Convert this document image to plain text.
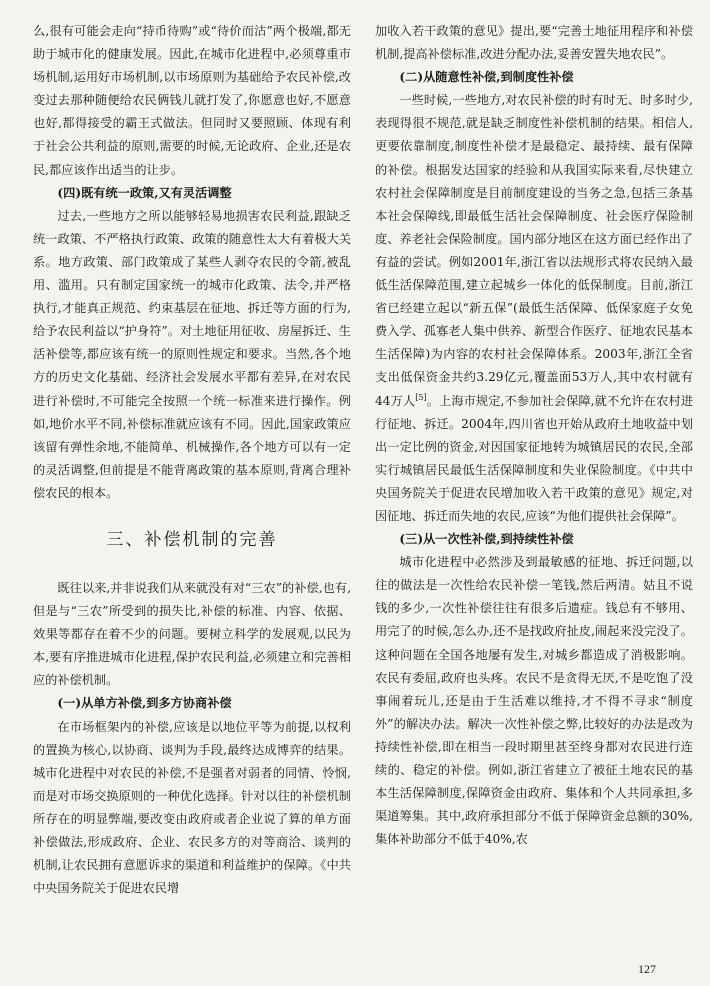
么,很有可能会走向“持币待购”或“待价而沽”两个极端,都无助于城市化的健康发展。因此,在城市化进程中,必须尊重市场机制,运用好市场机制,以市场原则为基础给予农民补偿,改变过去那种随便给农民俩钱儿就打发了,你愿意也好,不愿意也好,都得接受的霸王式做法。但同时又要照顾、体现有利于社会公共利益的原则,需要的时候,无论政府、企业,还是农民,都应该作出适当的让步。

(四)既有统一政策,又有灵活调整

过去,一些地方之所以能够轻易地损害农民利益,跟缺乏统一政策、不严格执行政策、政策的随意性太大有着极大关系。地方政策、部门政策成了某些人剥夺农民的令箭,被乱用、滥用。只有制定国家统一的城市化政策、法令,并严格执行,才能真正规范、约束基层在征地、拆迁等方面的行为,给予农民利益以“护身符”。对土地征用征收、房屋拆迁、生活补偿等,都应该有统一的原则性规定和要求。当然,各个地方的历史文化基础、经济社会发展水平都有差异,在对农民进行补偿时,不可能完全按照一个统一标准来进行操作。例如,地价水平不同,补偿标准就应该有不同。因此,国家政策应该留有弹性余地,不能简单、机械操作,各个地方可以有一定的灵活调整,但前提是不能背离政策的基本原则,背离合理补偿农民的根本。

三、补偿机制的完善

既往以来,并非说我们从来就没有对“三农”的补偿,也有,但是与“三农”所受到的损失比,补偿的标准、内容、依据、效果等都存在着不少的问题。要树立科学的发展观,以民为本,要有序推进城市化进程,保护农民利益,必须建立和完善相应的补偿机制。

(一)从单方补偿,到多方协商补偿

在市场框架内的补偿,应该是以地位平等为前提,以权利的置换为核心,以协商、谈判为手段,最终达成博弈的结果。城市化进程中对农民的补偿,不是强者对弱者的同情、怜悯,而是对市场交换原则的一种优化选择。针对以往的补偿机制所存在的明显弊端,要改变由政府或者企业说了算的单方面补偿做法,形成政府、企业、农民多方的对等商洽、谈判的机制,让农民拥有意愿诉求的渠道和利益维护的保障。《中共中央国务院关于促进农民增

加收入若干政策的意见》提出,要“完善土地征用程序和补偿机制,提高补偿标准,改进分配办法,妥善安置失地农民”。

(二)从随意性补偿,到制度性补偿

一些时候,一些地方,对农民补偿的时有时无、时多时少,表现得很不规范,就是缺乏制度性补偿机制的结果。相信人,更要依靠制度,制度性补偿才是最稳定、最持续、最有保障的补偿。根据发达国家的经验和从我国实际来看,尽快建立农村社会保障制度是目前制度建设的当务之急,包括三条基本社会保障线,即最低生活社会保障制度、社会医疗保险制度、养老社会保险制度。国内部分地区在这方面已经作出了有益的尝试。例如2001年,浙江省以法规形式将农民纳入最低生活保障范围,建立起城乡一体化的低保制度。目前,浙江省已经建立起以“新五保”(最低生活保障、低保家庭子女免费入学、孤寡老人集中供养、新型合作医疗、征地农民基本生活保障)为内容的农村社会保障体系。2003年,浙江全省支出低保资金共约3.29亿元,覆盖面53万人,其中农村就有44万人[5]。上海市规定,不参加社会保障,就不允许在农村进行征地、拆迁。2004年,四川省也开始从政府土地收益中划出一定比例的资金,对因国家征地转为城镇居民的农民,全部实行城镇居民最低生活保障制度和失业保险制度。《中共中央国务院关于促进农民增加收入若干政策的意见》规定,对因征地、拆迁而失地的农民,应该“为他们提供社会保障”。

(三)从一次性补偿,到持续性补偿

城市化进程中必然涉及到最敏感的征地、拆迁问题,以往的做法是一次性给农民补偿一笔钱,然后两清。姑且不说钱的多少,一次性补偿往往有很多后遗症。钱总有不够用、用完了的时候,怎么办,还不是找政府扯皮,闹起来没完没了。这种问题在全国各地屡有发生,对城乡都造成了消极影响。农民有委屈,政府也头疼。农民不是贪得无厌,不是吃饱了没事闹着玩儿,还是由于生活难以维持,才不得不寻求“制度外”的解决办法。解决一次性补偿之弊,比较好的办法是改为持续性补偿,即在相当一段时期里甚至终身都对农民进行连续的、稳定的补偿。例如,浙江省建立了被征土地农民的基本生活保障制度,保障资金由政府、集体和个人共同承担,多渠道筹集。其中,政府承担部分不低于保障资金总额的30%,集体补助部分不低于40%,农

127
